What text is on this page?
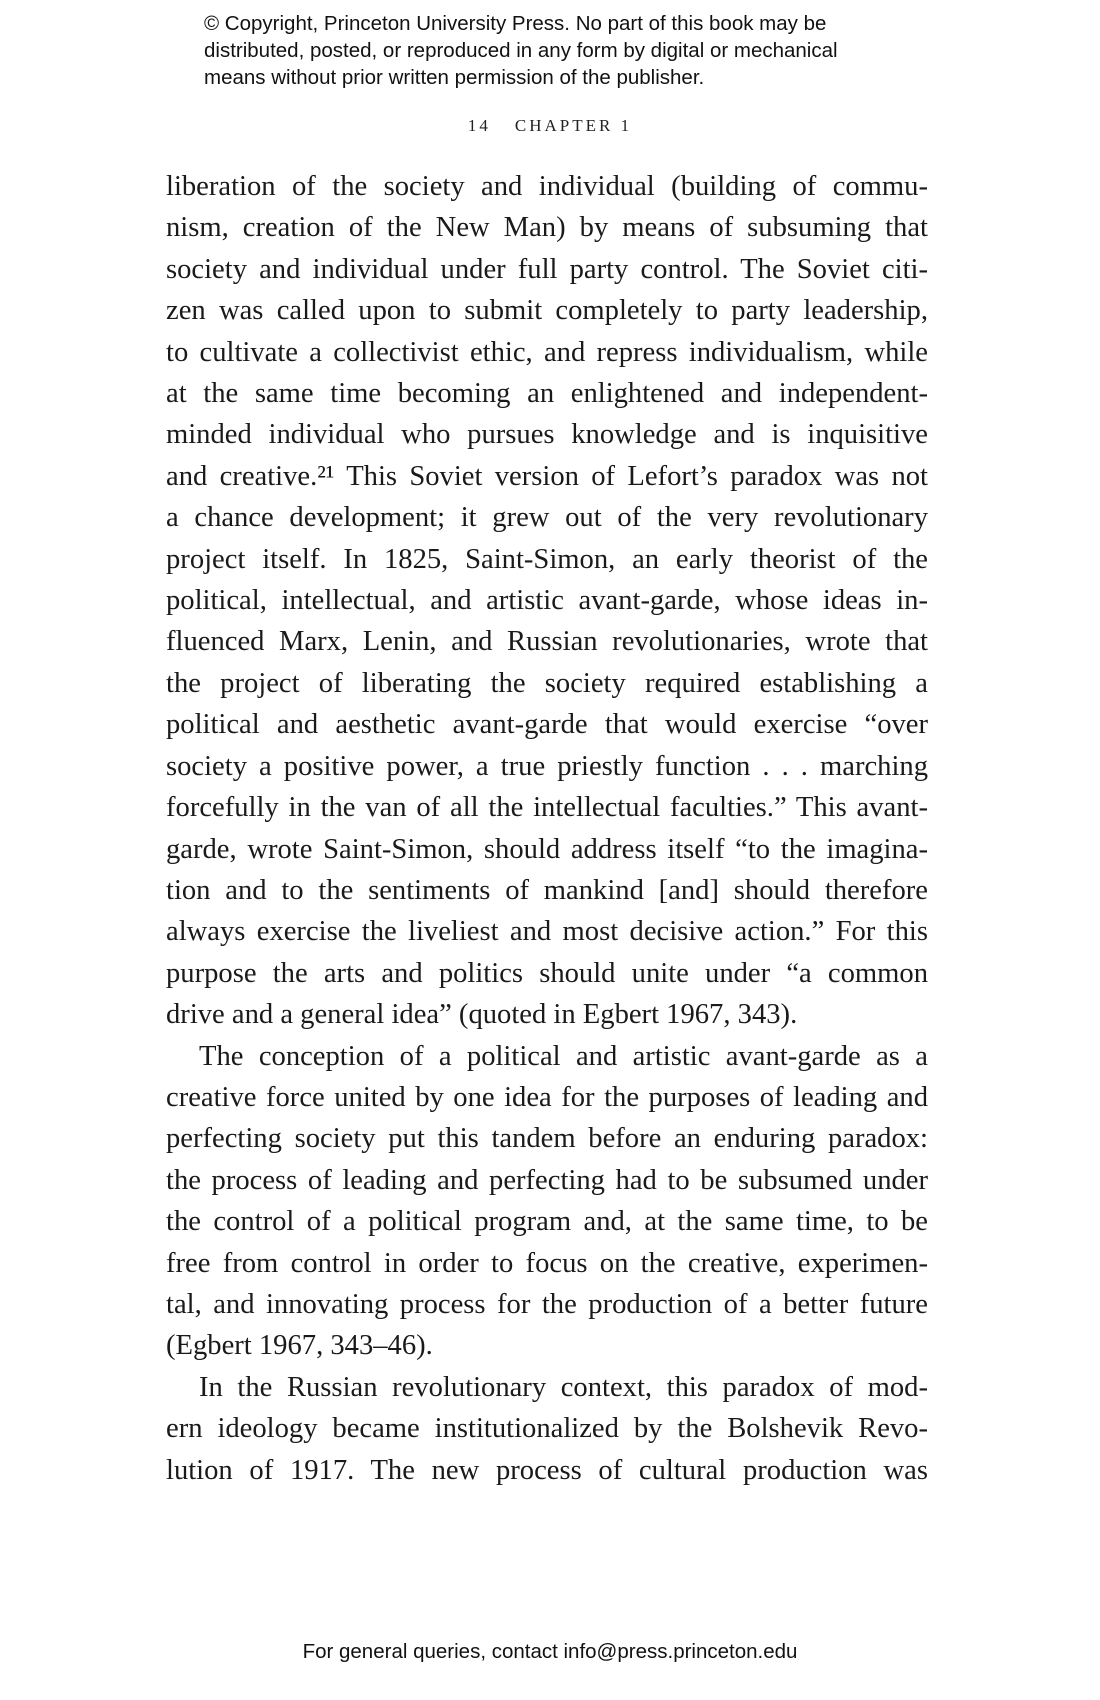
© Copyright, Princeton University Press. No part of this book may be
distributed, posted, or reproduced in any form by digital or mechanical
means without prior written permission of the publisher.
14 CHAPTER 1
liberation of the society and individual (building of commu-
nism, creation of the New Man) by means of subsuming that
society and individual under full party control. The Soviet citi-
zen was called upon to submit completely to party leadership,
to cultivate a collectivist ethic, and repress individualism, while
at the same time becoming an enlightened and independent-
minded individual who pursues knowledge and is inquisitive
and creative.²¹ This Soviet version of Lefort’s paradox was not
a chance development; it grew out of the very revolutionary
project itself. In 1825, Saint-Simon, an early theorist of the
political, intellectual, and artistic avant-garde, whose ideas in-
fluenced Marx, Lenin, and Russian revolutionaries, wrote that
the project of liberating the society required establishing a
political and aesthetic avant-garde that would exercise “over
society a positive power, a true priestly function . . . marching
forcefully in the van of all the intellectual faculties.” This avant-
garde, wrote Saint-Simon, should address itself “to the imagina-
tion and to the sentiments of mankind [and] should therefore
always exercise the liveliest and most decisive action.” For this
purpose the arts and politics should unite under “a common
drive and a general idea” (quoted in Egbert 1967, 343).
The conception of a political and artistic avant-garde as a
creative force united by one idea for the purposes of leading and
perfecting society put this tandem before an enduring paradox:
the process of leading and perfecting had to be subsumed under
the control of a political program and, at the same time, to be
free from control in order to focus on the creative, experimen-
tal, and innovating process for the production of a better future
(Egbert 1967, 343–46).
In the Russian revolutionary context, this paradox of mod-
ern ideology became institutionalized by the Bolshevik Revo-
lution of 1917. The new process of cultural production was
For general queries, contact info@press.princeton.edu
